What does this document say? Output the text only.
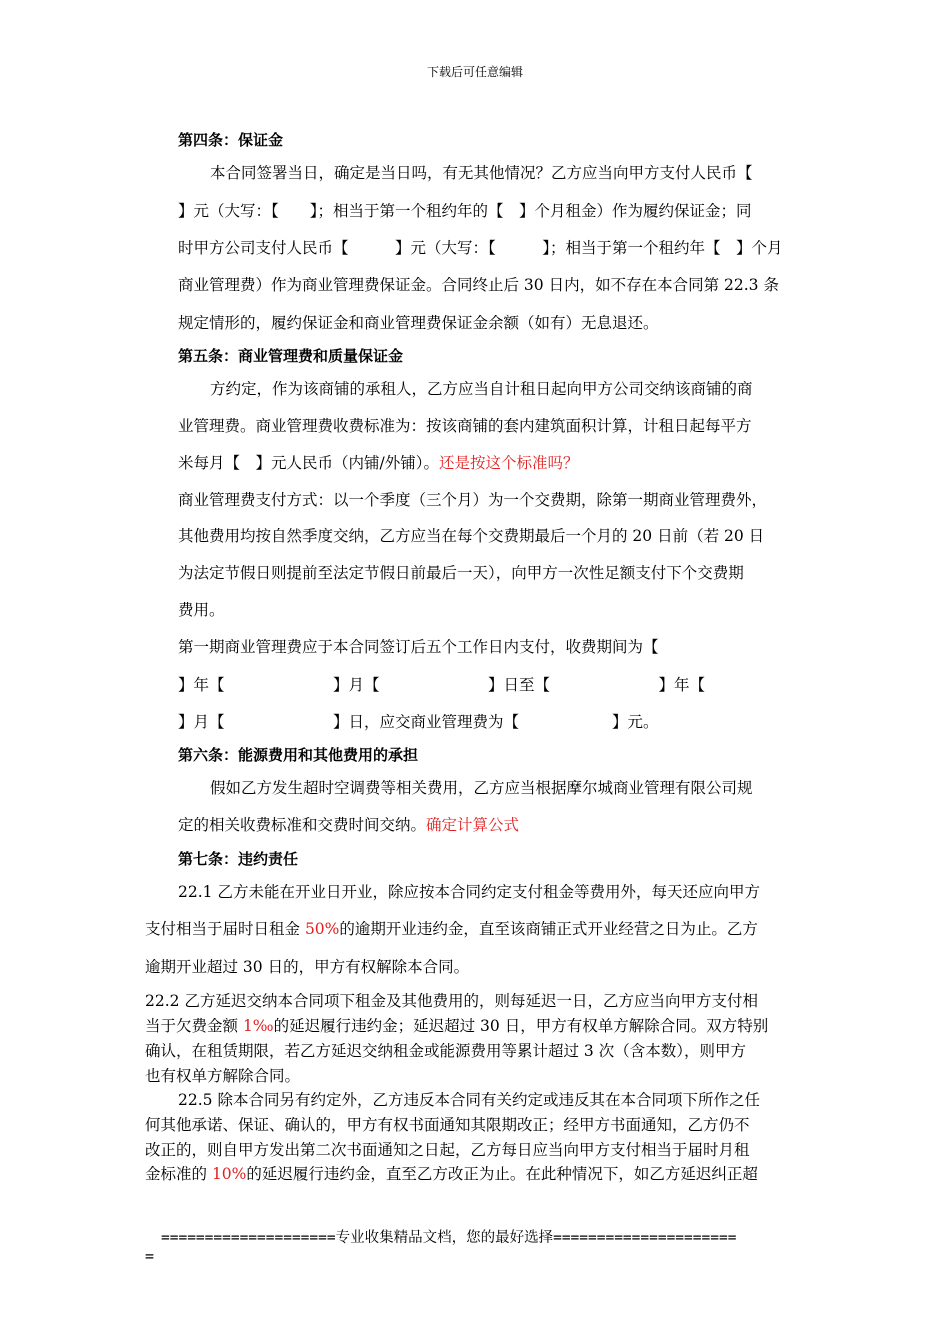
下载后可任意编辑
第四条：保证金
本合同签署当日，确定是当日吗，有无其他情况？乙方应当向甲方支付人民币【
】元（大写：【　　】；相当于第一个租约年的【　】个月租金）作为履约保证金；同
时甲方公司支付人民币【　　　】元（大写：【　　　】；相当于第一个租约年【　】个月
商业管理费）作为商业管理费保证金。合同终止后 30 日内，如不存在本合同第 22.3 条
规定情形的，履约保证金和商业管理费保证金余额（如有）无息退还。
第五条：商业管理费和质量保证金
方约定，作为该商铺的承租人，乙方应当自计租日起向甲方公司交纳该商铺的商
业管理费。商业管理费收费标准为：按该商铺的套内建筑面积计算，计租日起每平方
米每月【　】元人民币（内铺/外铺）。还是按这个标准吗？
商业管理费支付方式：以一个季度（三个月）为一个交费期，除第一期商业管理费外，
其他费用均按自然季度交纳，乙方应当在每个交费期最后一个月的 20 日前（若 20 日
为法定节假日则提前至法定节假日前最后一天），向甲方一次性足额支付下个交费期
费用。
第一期商业管理费应于本合同签订后五个工作日内支付，收费期间为【
】年【　　　　　　　】月【　　　　　　　】日至【　　　　　　　】年【
】月【　　　　　　　】日，应交商业管理费为【　　　　　　】元。
第六条：能源费用和其他费用的承担
假如乙方发生超时空调费等相关费用，乙方应当根据摩尔城商业管理有限公司规
定的相关收费标准和交费时间交纳。确定计算公式
第七条：违约责任
22.1 乙方未能在开业日开业，除应按本合同约定支付租金等费用外，每天还应向甲方
支付相当于届时日租金 50%的逾期开业违约金，直至该商铺正式开业经营之日为止。乙方
逾期开业超过 30 日的，甲方有权解除本合同。
22.2 乙方延迟交纳本合同项下租金及其他费用的，则每延迟一日，乙方应当向甲方支付相
当于欠费金额 1‰的延迟履行违约金；延迟超过 30 日，甲方有权单方解除合同。双方特别
确认，在租赁期限，若乙方延迟交纳租金或能源费用等累计超过 3 次（含本数），则甲方
也有权单方解除合同。
22.5 除本合同另有约定外，乙方违反本合同有关约定或违反其在本合同项下所作之任
何其他承诺、保证、确认的，甲方有权书面通知其限期改正；经甲方书面通知，乙方仍不
改正的，则自甲方发出第二次书面通知之日起，乙方每日应当向甲方支付相当于届时月租
金标准的 10%的延迟履行违约金，直至乙方改正为止。在此种情况下，如乙方延迟纠正超
====================专业收集精品文档，您的最好选择=====================
=
